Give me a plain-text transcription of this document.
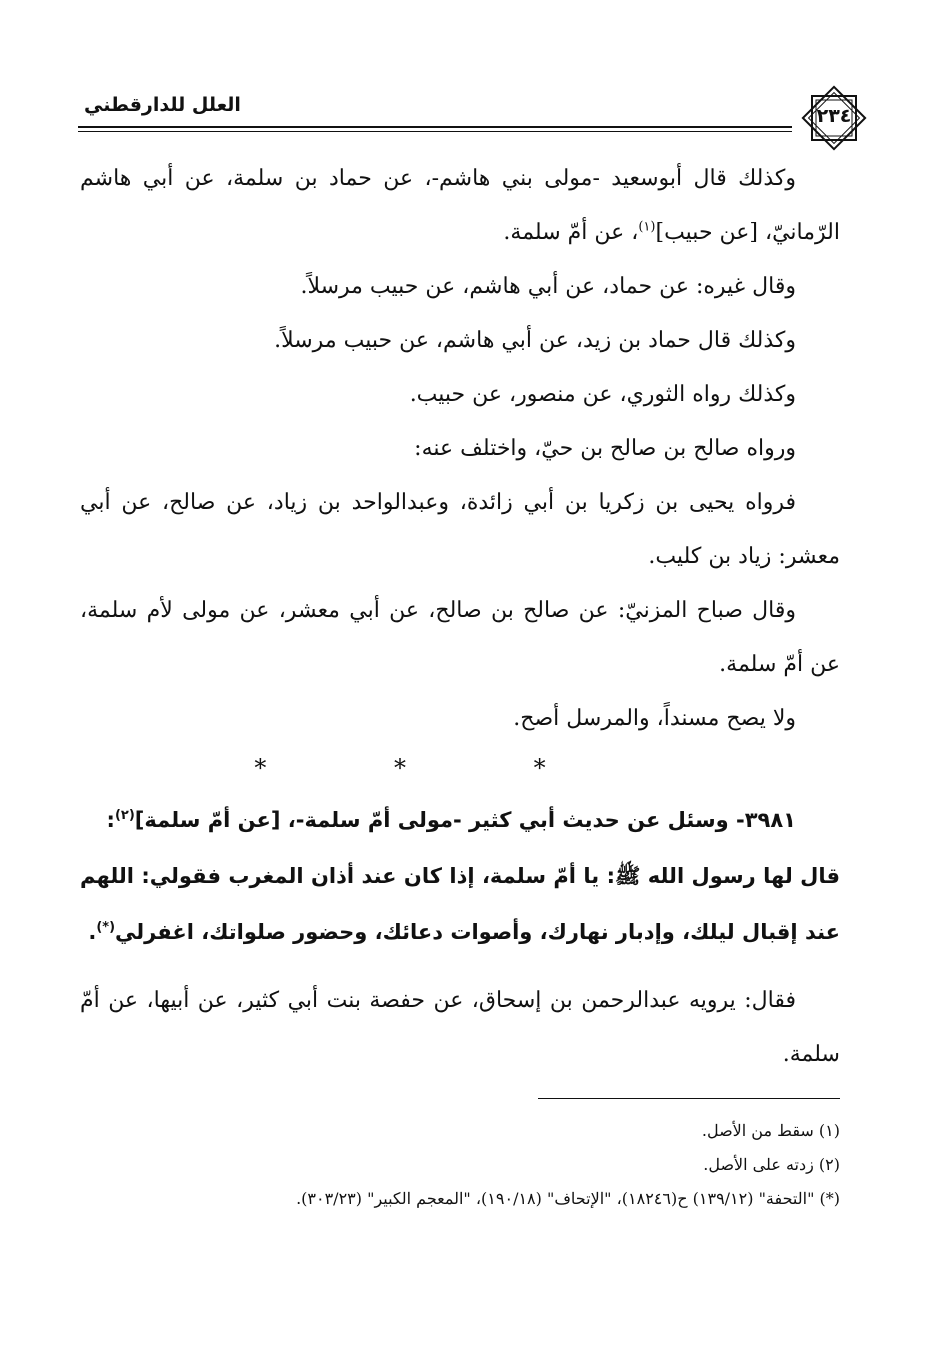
العلل للدارقطني	٢٣٤

وكذلك قال أبوسعيد -مولى بني هاشم-، عن حماد بن سلمة، عن أبي هاشم الرّمانيّ، [عن حبيب]$^{(١)}$، عن أمّ سلمة.

وقال غيره: عن حماد، عن أبي هاشم، عن حبيب مرسلاً.

وكذلك قال حماد بن زيد، عن أبي هاشم، عن حبيب مرسلاً.

وكذلك رواه الثوري، عن منصور، عن حبيب.

ورواه صالح بن صالح بن حيّ، واختلف عنه:

فرواه يحيى بن زكريا بن أبي زائدة، وعبدالواحد بن زياد، عن صالح، عن أبي معشر: زياد بن كليب.

وقال صباح المزنيّ: عن صالح بن صالح، عن أبي معشر، عن مولى لأم سلمة، عن أمّ سلمة.

ولا يصح مسنداً، والمرسل أصح.

* * *

٣٩٨١- وسئل عن حديث أبي كثير -مولى أمّ سلمة-، [عن أمّ سلمة]$^{(٢)}$:

قال لها رسول الله ﷺ: يا أمّ سلمة، إذا كان عند أذان المغرب فقولي: اللهم عند إقبال ليلك، وإدبار نهارك، وأصوات دعائك، وحضور صلواتك، اغفرلي(*).

فقال: يرويه عبدالرحمن بن إسحاق، عن حفصة بنت أبي كثير، عن أبيها، عن أمّ سلمة.

(١) سقط من الأصل.

(٢) زدته على الأصل.

(*) "التحفة" (١٣٩/١٢) ح(١٨٢٤٦)، "الإتحاف" (١٩٠/١٨)، "المعجم الكبير" (٣٠٣/٢٣).
